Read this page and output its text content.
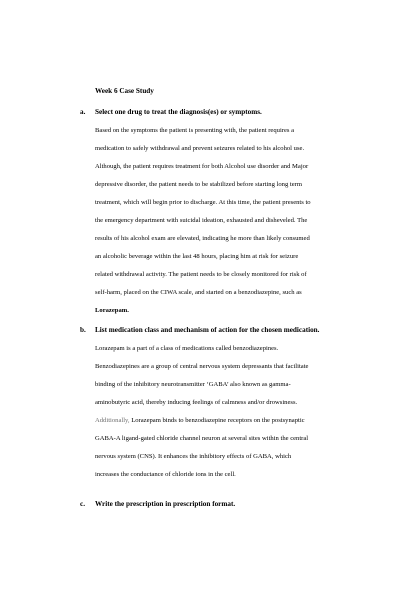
Week 6 Case Study
a. Select one drug to treat the diagnosis(es) or symptoms.
Based on the symptoms the patient is presenting with, the patient requires a
medication to safely withdrawal and prevent seizures related to his alcohol use.
Although, the patient requires treatment for both Alcohol use disorder and Major
depressive disorder, the patient needs to be stabilized before starting long term
treatment, which will begin prior to discharge. At this time, the patient presents to
the emergency department with suicidal ideation, exhausted and disheveled. The
results of his alcohol exam are elevated, indicating he more than likely consumed
an alcoholic beverage within the last 48 hours, placing him at risk for seizure
related withdrawal activity. The patient needs to be closely monitored for risk of
self-harm, placed on the CIWA scale, and started on a benzodiazepine, such as
Lorazepam.
b. List medication class and mechanism of action for the chosen medication.
Lorazepam is a part of a class of medications called benzodiazepines.
Benzodiazepines are a group of central nervous system depressants that facilitate
binding of the inhibitory neurotransmitter ‘GABA’ also known as gamma-
aminobutyric acid, thereby inducing feelings of calmness and/or drowsiness.
Additionally, Lorazepam binds to benzodiazepine receptors on the postsynaptic
GABA-A ligand-gated chloride channel neuron at several sites within the central
nervous system (CNS). It enhances the inhibitory effects of GABA, which
increases the conductance of chloride ions in the cell.
c. Write the prescription in prescription format.
